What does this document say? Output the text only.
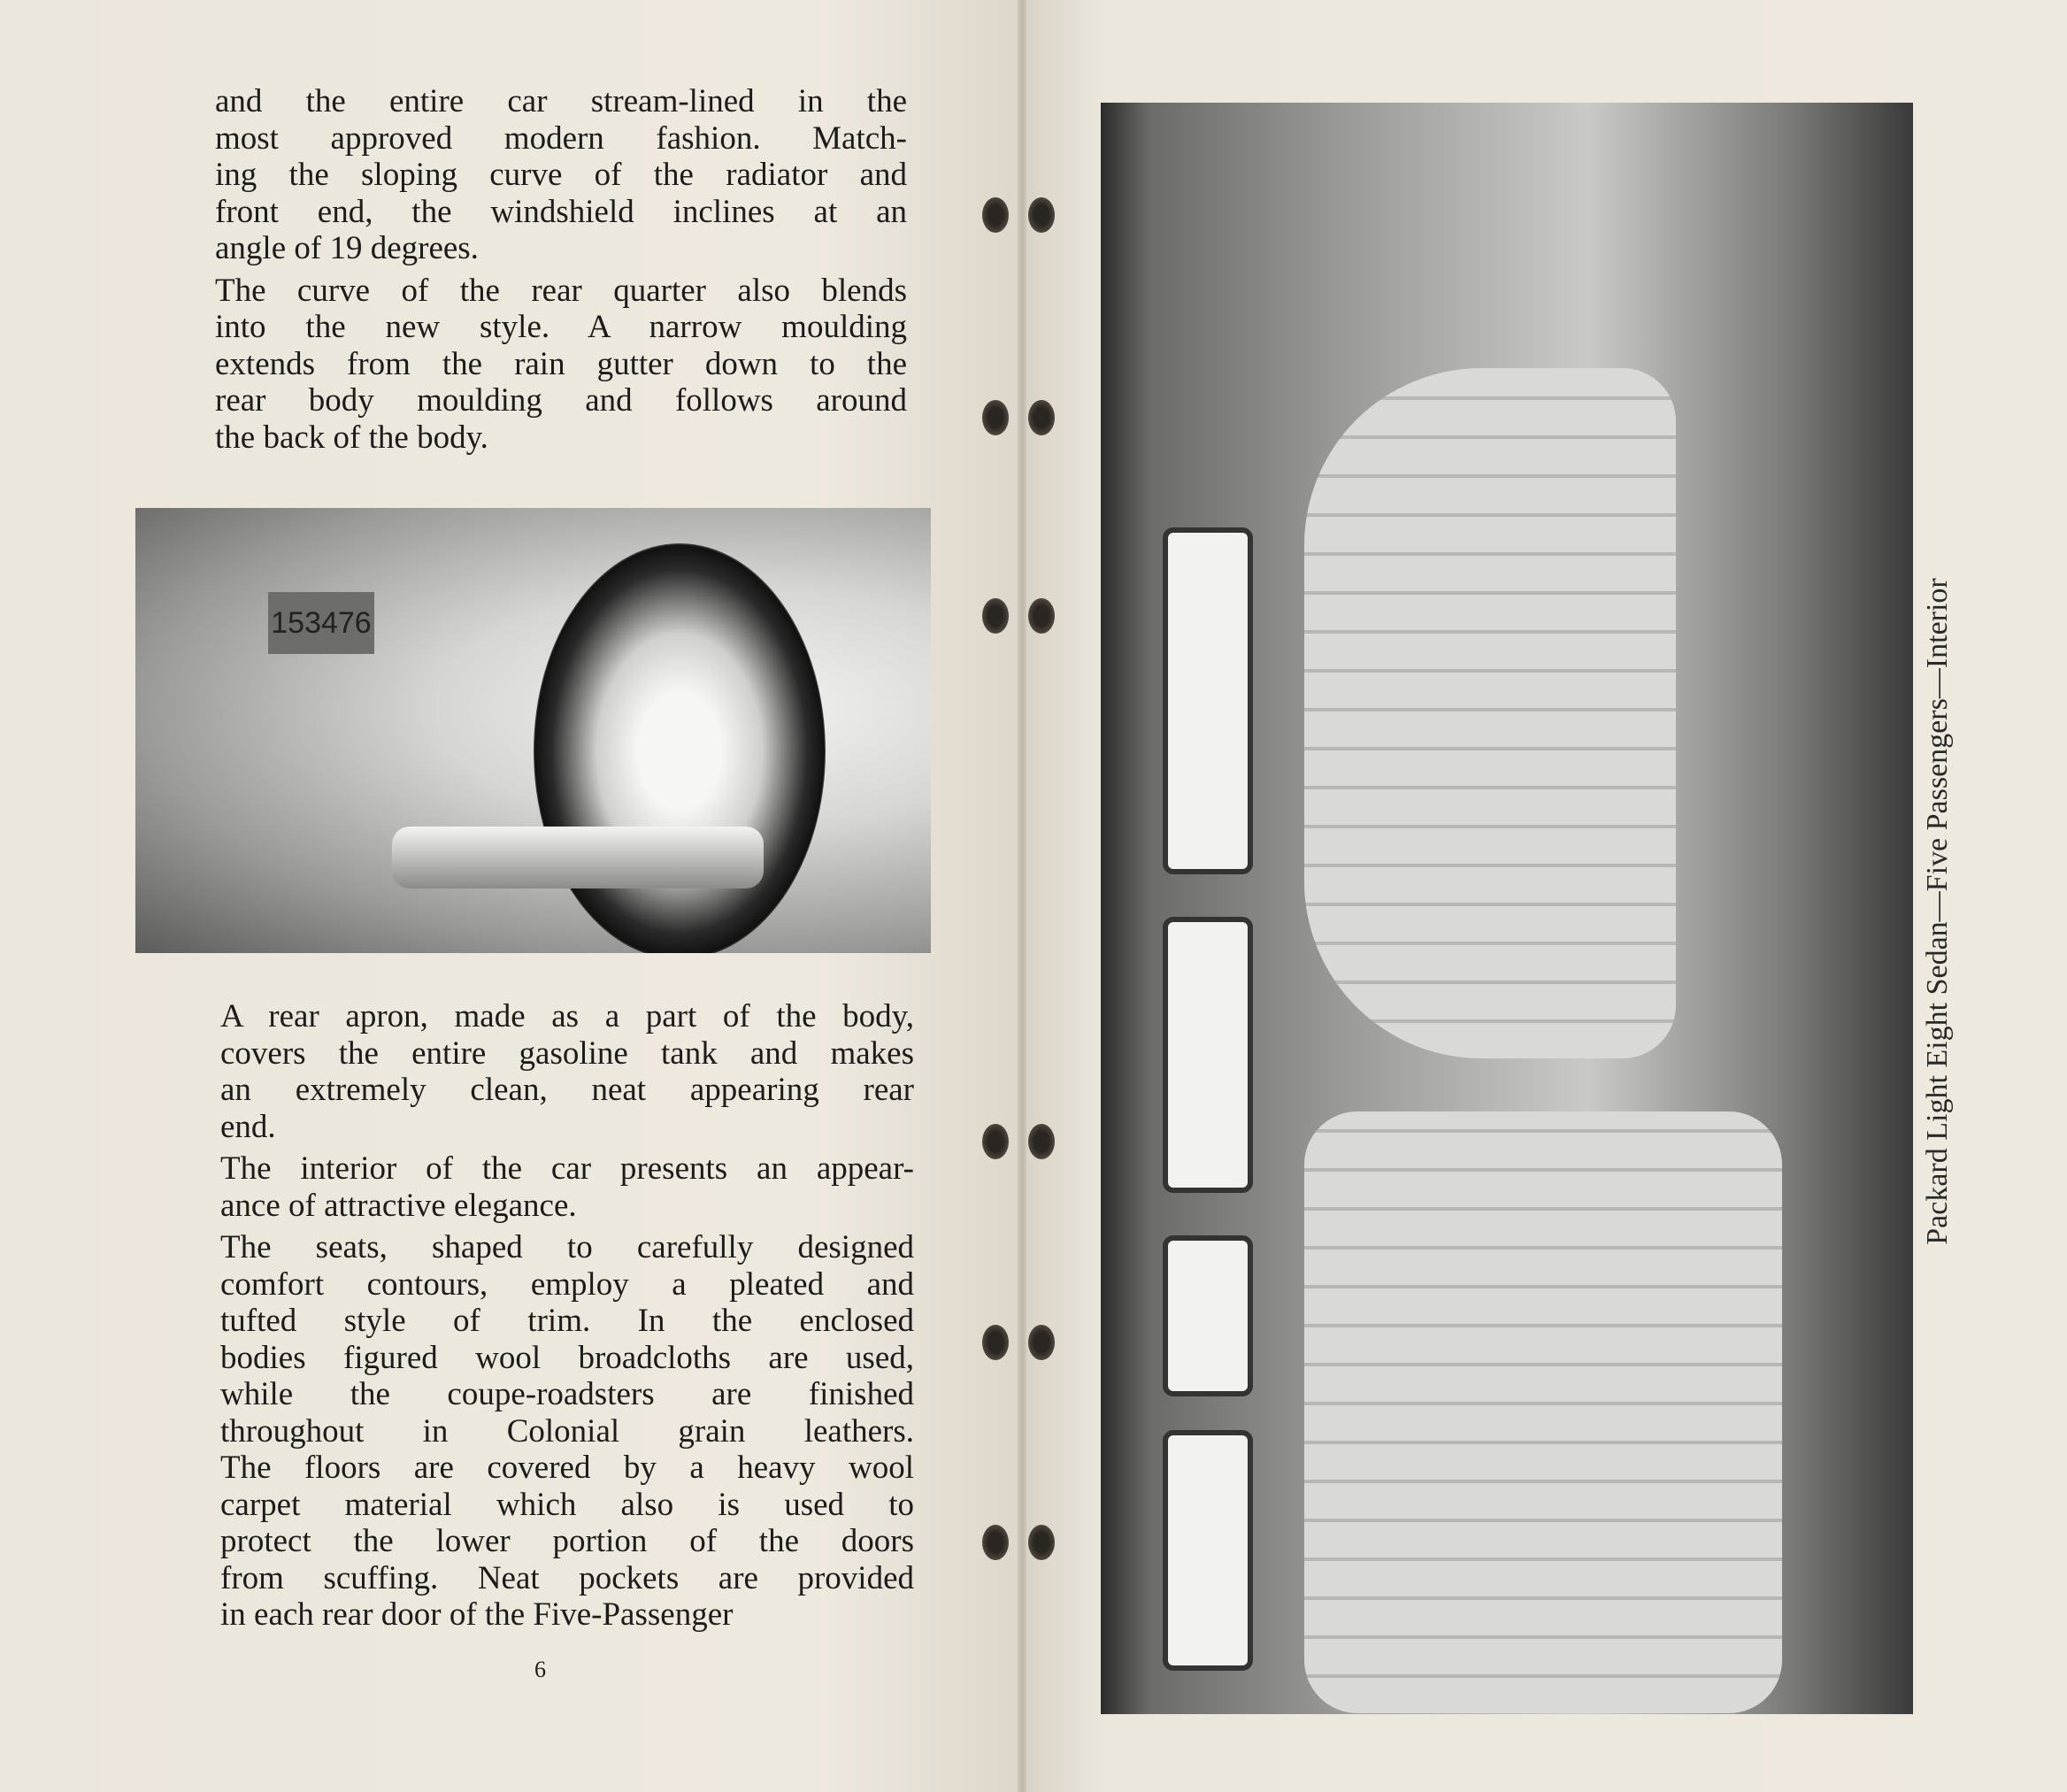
and the entire car stream-lined in the
most approved modern fashion. Match-
ing the sloping curve of the radiator and
front end, the windshield inclines at an
angle of 19 degrees.
The curve of the rear quarter also blends
into the new style. A narrow moulding
extends from the rain gutter down to the
rear body moulding and follows around
the back of the body.
153476
A rear apron, made as a part of the body,
covers the entire gasoline tank and makes
an extremely clean, neat appearing rear
end.
The interior of the car presents an appear-
ance of attractive elegance.
The seats, shaped to carefully designed
comfort contours, employ a pleated and
tufted style of trim. In the enclosed
bodies figured wool broadcloths are used,
while the coupe-roadsters are finished
throughout in Colonial grain leathers.
The floors are covered by a heavy wool
carpet material which also is used to
protect the lower portion of the doors
from scuffing. Neat pockets are provided
in each rear door of the Five-Passenger
6
Packard Light Eight Sedan—Five Passengers—Interior
